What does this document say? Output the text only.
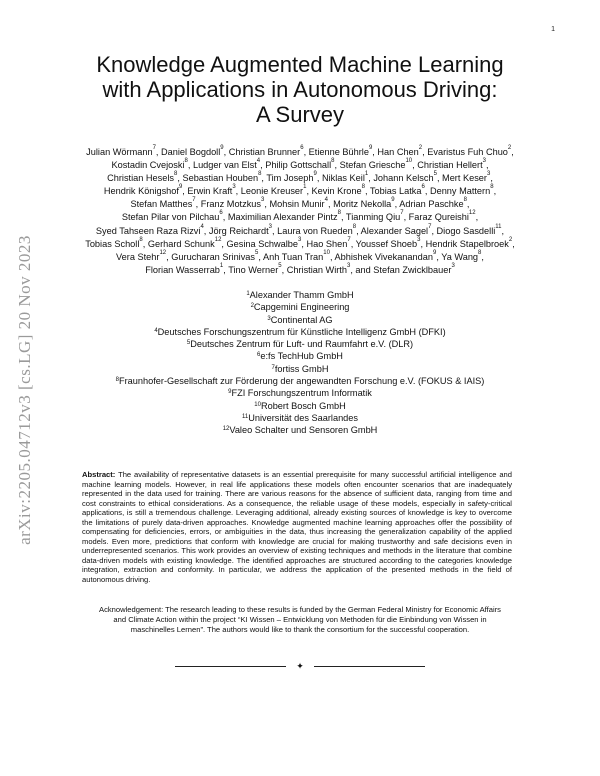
1
arXiv:2205.04712v3 [cs.LG] 20 Nov 2023
Knowledge Augmented Machine Learning
with Applications in Autonomous Driving:
A Survey
Julian Wörmann$^7$, Daniel Bogdoll$^9$, Christian Brunner$^6$, Etienne Bührle$^9$, Han Chen$^2$, Evaristus Fuh Chuo$^2$,
Kostadin Cvejoski$^8$, Ludger van Elst$^4$, Philip Gottschall$^8$, Stefan Griesche$^{10}$, Christian Hellert$^3$,
Christian Hesels$^8$, Sebastian Houben$^8$, Tim Joseph$^9$, Niklas Keil$^1$, Johann Kelsch$^5$, Mert Keser$^3$,
Hendrik Königshof$^9$, Erwin Kraft$^3$, Leonie Kreuser$^1$, Kevin Krone$^8$, Tobias Latka$^6$, Denny Mattern$^8$,
Stefan Matthes$^7$, Franz Motzkus$^3$, Mohsin Munir$^4$, Moritz Nekolla$^9$, Adrian Paschke$^8$,
Stefan Pilar von Pilchau$^6$, Maximilian Alexander Pintz$^8$, Tianming Qiu$^7$, Faraz Qureishi$^{12}$,
Syed Tahseen Raza Rizvi$^4$, Jörg Reichardt$^3$, Laura von Rueden$^8$, Alexander Sagel$^7$, Diogo Sasdelli$^{11}$,
Tobias Scholl$^8$, Gerhard Schunk$^{12}$, Gesina Schwalbe$^3$, Hao Shen$^7$, Youssef Shoeb$^3$, Hendrik Stapelbroek$^2$,
Vera Stehr$^{12}$, Gurucharan Srinivas$^5$, Anh Tuan Tran$^{10}$, Abhishek Vivekanandan$^9$, Ya Wang$^8$,
Florian Wasserrab$^1$, Tino Werner$^5$, Christian Wirth$^3$, and Stefan Zwicklbauer$^3$
$^1$Alexander Thamm GmbH
$^2$Capgemini Engineering
$^3$Continental AG
$^4$Deutsches Forschungszentrum für Künstliche Intelligenz GmbH (DFKI)
$^5$Deutsches Zentrum für Luft- und Raumfahrt e.V. (DLR)
$^6$e:fs TechHub GmbH
$^7$fortiss GmbH
$^8$Fraunhofer-Gesellschaft zur Förderung der angewandten Forschung e.V. (FOKUS & IAIS)
$^9$FZI Forschungszentrum Informatik
$^{10}$Robert Bosch GmbH
$^{11}$Universität des Saarlandes
$^{12}$Valeo Schalter und Sensoren GmbH
Abstract: The availability of representative datasets is an essential prerequisite for many successful artificial intelligence and machine learning models. However, in real life applications these models often encounter scenarios that are inadequately represented in the data used for training. There are various reasons for the absence of sufficient data, ranging from time and cost constraints to ethical considerations. As a consequence, the reliable usage of these models, especially in safety-critical applications, is still a tremendous challenge. Leveraging additional, already existing sources of knowledge is key to overcome the limitations of purely data-driven approaches. Knowledge augmented machine learning approaches offer the possibility of compensating for deficiencies, errors, or ambiguities in the data, thus increasing the generalization capability of the applied models. Even more, predictions that conform with knowledge are crucial for making trustworthy and safe decisions even in underrepresented scenarios. This work provides an overview of existing techniques and methods in the literature that combine data-driven models with existing knowledge. The identified approaches are structured according to the categories knowledge integration, extraction and conformity. In particular, we address the application of the presented methods in the field of autonomous driving.
Acknowledgement: The research leading to these results is funded by the German Federal Ministry for Economic Affairs and Climate Action within the project “KI Wissen – Entwicklung von Methoden für die Einbindung von Wissen in maschinelles Lernen”. The authors would like to thank the consortium for the successful cooperation.
✦
